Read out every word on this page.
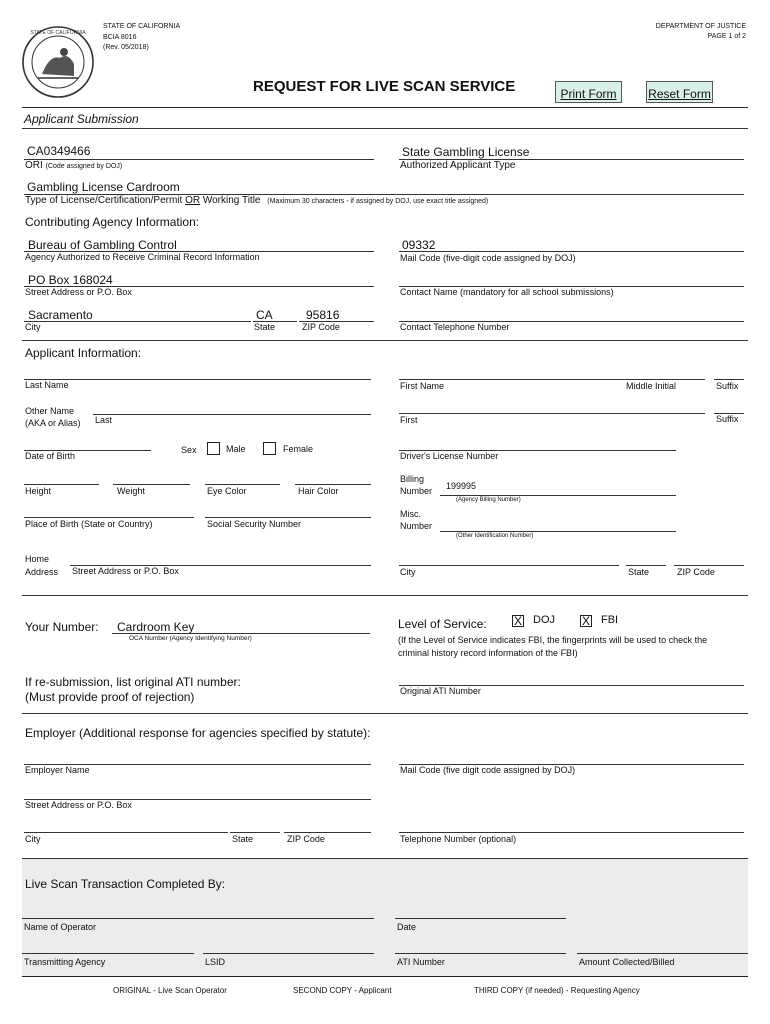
STATE OF CALIFORNIA
STATE OF CALIFORNIA
BCIA 8016
(Rev. 05/2018)
DEPARTMENT OF JUSTICE
PAGE 1 of 2
REQUEST FOR LIVE SCAN SERVICE	Print Form	Reset Form
Applicant Submission
CA0349466
ORI (Code assigned by DOJ)
State Gambling License
Authorized Applicant Type
Gambling License Cardroom
Type of License/Certification/Permit OR Working Title (Maximum 30 characters - if assigned by DOJ, use exact title assigned)
Contributing Agency Information:
Bureau of Gambling Control
Agency Authorized to Receive Criminal Record Information
09332
Mail Code (five-digit code assigned by DOJ)
PO Box 168024
Street Address or P.O. Box	Contact Name (mandatory for all school submissions)
Sacramento	CA	95816
City	State	ZIP Code	Contact Telephone Number
Applicant Information:
Last Name	First Name	Middle Initial	Suffix
Other Name
(AKA or Alias) Last	First	Suffix
Date of Birth
Sex	Male	Female
Driver's License Number
Height	Weight	Eye Color	Hair Color
Billing
Number 199995
(Agency Billing Number)
Place of Birth (State or Country)	Social Security Number
Misc.
Number
(Other Identification Number)
Home
Address Street Address or P.O. Box	City	State	ZIP Code
Your Number: Cardroom Key
OCA Number (Agency Identifying Number)
Level of Service: X DOJ X FBI
(If the Level of Service indicates FBI, the fingerprints will be used to check the
criminal history record information of the FBI)
If re-submission, list original ATI number:
(Must provide proof of rejection)	Original ATI Number
Employer (Additional response for agencies specified by statute):
Employer Name	Mail Code (five digit code assigned by DOJ)
Street Address or P.O. Box
City	State	ZIP Code	Telephone Number (optional)
Live Scan Transaction Completed By:
Name of Operator	Date
Transmitting Agency	LSID	ATI Number	Amount Collected/Billed
ORIGINAL - Live Scan Operator	SECOND COPY - Applicant	THIRD COPY (if needed) - Requesting Agency
